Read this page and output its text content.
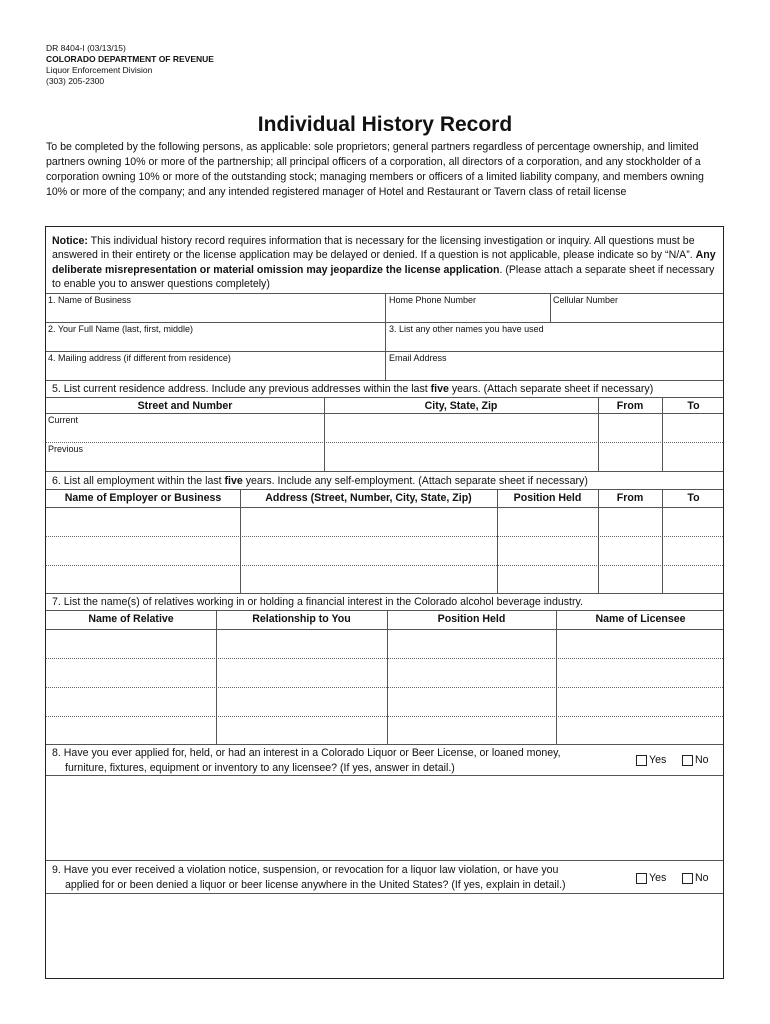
DR 8404-I (03/13/15)
COLORADO DEPARTMENT OF REVENUE
Liquor Enforcement Division
(303) 205-2300
Individual History Record
To be completed by the following persons, as applicable: sole proprietors; general partners regardless of percentage ownership, and limited partners owning 10% or more of the partnership; all principal officers of a corporation, all directors of a corporation, and any stockholder of a corporation owning 10% or more of the outstanding stock; managing members or officers of a limited liability company, and members owning 10% or more of the company; and any intended registered manager of Hotel and Restaurant or Tavern class of retail license
Notice: This individual history record requires information that is necessary for the licensing investigation or inquiry. All questions must be answered in their entirety or the license application may be delayed or denied. If a question is not applicable, please indicate so by “N/A”. Any deliberate misrepresentation or material omission may jeopardize the license application. (Please attach a separate sheet if necessary to enable you to answer questions completely)
1. Name of Business	Home Phone Number	Cellular Number
2. Your Full Name (last, first, middle)	3. List any other names you have used
4. Mailing address (if different from residence)	Email Address
5. List current residence address. Include any previous addresses within the last five years. (Attach separate sheet if necessary)
Street and Number	City, State, Zip	From	To
Current
Previous
6. List all employment within the last five years. Include any self-employment. (Attach separate sheet if necessary)
Name of Employer or Business	Address (Street, Number, City, State, Zip)	Position Held	From	To
7. List the name(s) of relatives working in or holding a financial interest in the Colorado alcohol beverage industry.
Name of Relative	Relationship to You	Position Held	Name of Licensee
8. Have you ever applied for, held, or had an interest in a Colorado Liquor or Beer License, or loaned money,
furniture, fixtures, equipment or inventory to any licensee? (If yes, answer in detail.)
Yes	No
9. Have you ever received a violation notice, suspension, or revocation for a liquor law violation, or have you
applied for or been denied a liquor or beer license anywhere in the United States? (If yes, explain in detail.)
Yes	No
